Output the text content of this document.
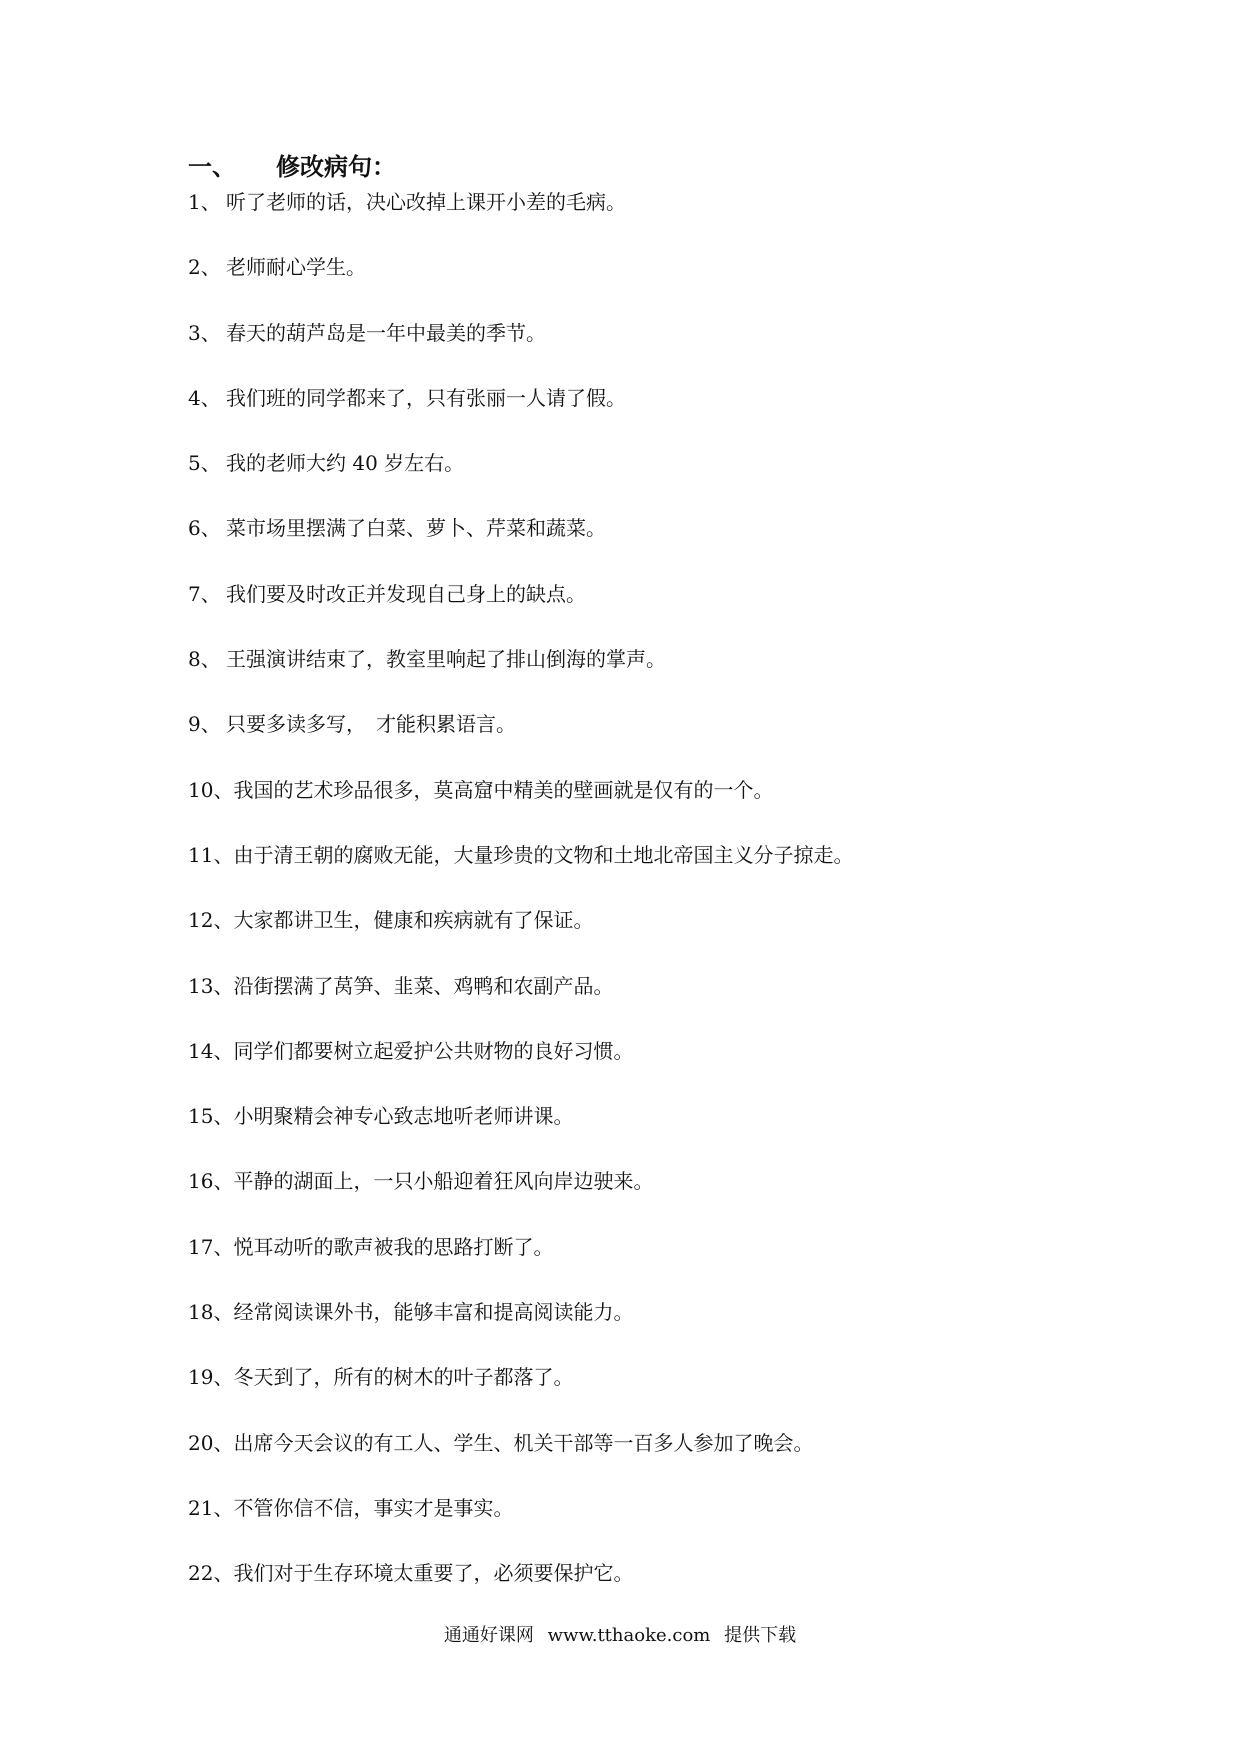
一、 修改病句：
1、 听了老师的话，决心改掉上课开小差的毛病。
2、 老师耐心学生。
3、 春天的葫芦岛是一年中最美的季节。
4、 我们班的同学都来了，只有张丽一人请了假。
5、 我的老师大约 40 岁左右。
6、 菜市场里摆满了白菜、萝卜、芹菜和蔬菜。
7、 我们要及时改正并发现自己身上的缺点。
8、 王强演讲结束了，教室里响起了排山倒海的掌声。
9、 只要多读多写，　才能积累语言。
10、我国的艺术珍品很多，莫高窟中精美的壁画就是仅有的一个。
11、由于清王朝的腐败无能，大量珍贵的文物和土地北帝国主义分子掠走。
12、大家都讲卫生，健康和疾病就有了保证。
13、沿街摆满了莴笋、韭菜、鸡鸭和农副产品。
14、同学们都要树立起爱护公共财物的良好习惯。
15、小明聚精会神专心致志地听老师讲课。
16、平静的湖面上，一只小船迎着狂风向岸边驶来。
17、悦耳动听的歌声被我的思路打断了。
18、经常阅读课外书，能够丰富和提高阅读能力。
19、冬天到了，所有的树木的叶子都落了。
20、出席今天会议的有工人、学生、机关干部等一百多人参加了晚会。
21、不管你信不信，事实才是事实。
22、我们对于生存环境太重要了，必须要保护它。
通通好课网 www.tthaoke.com 提供下载
